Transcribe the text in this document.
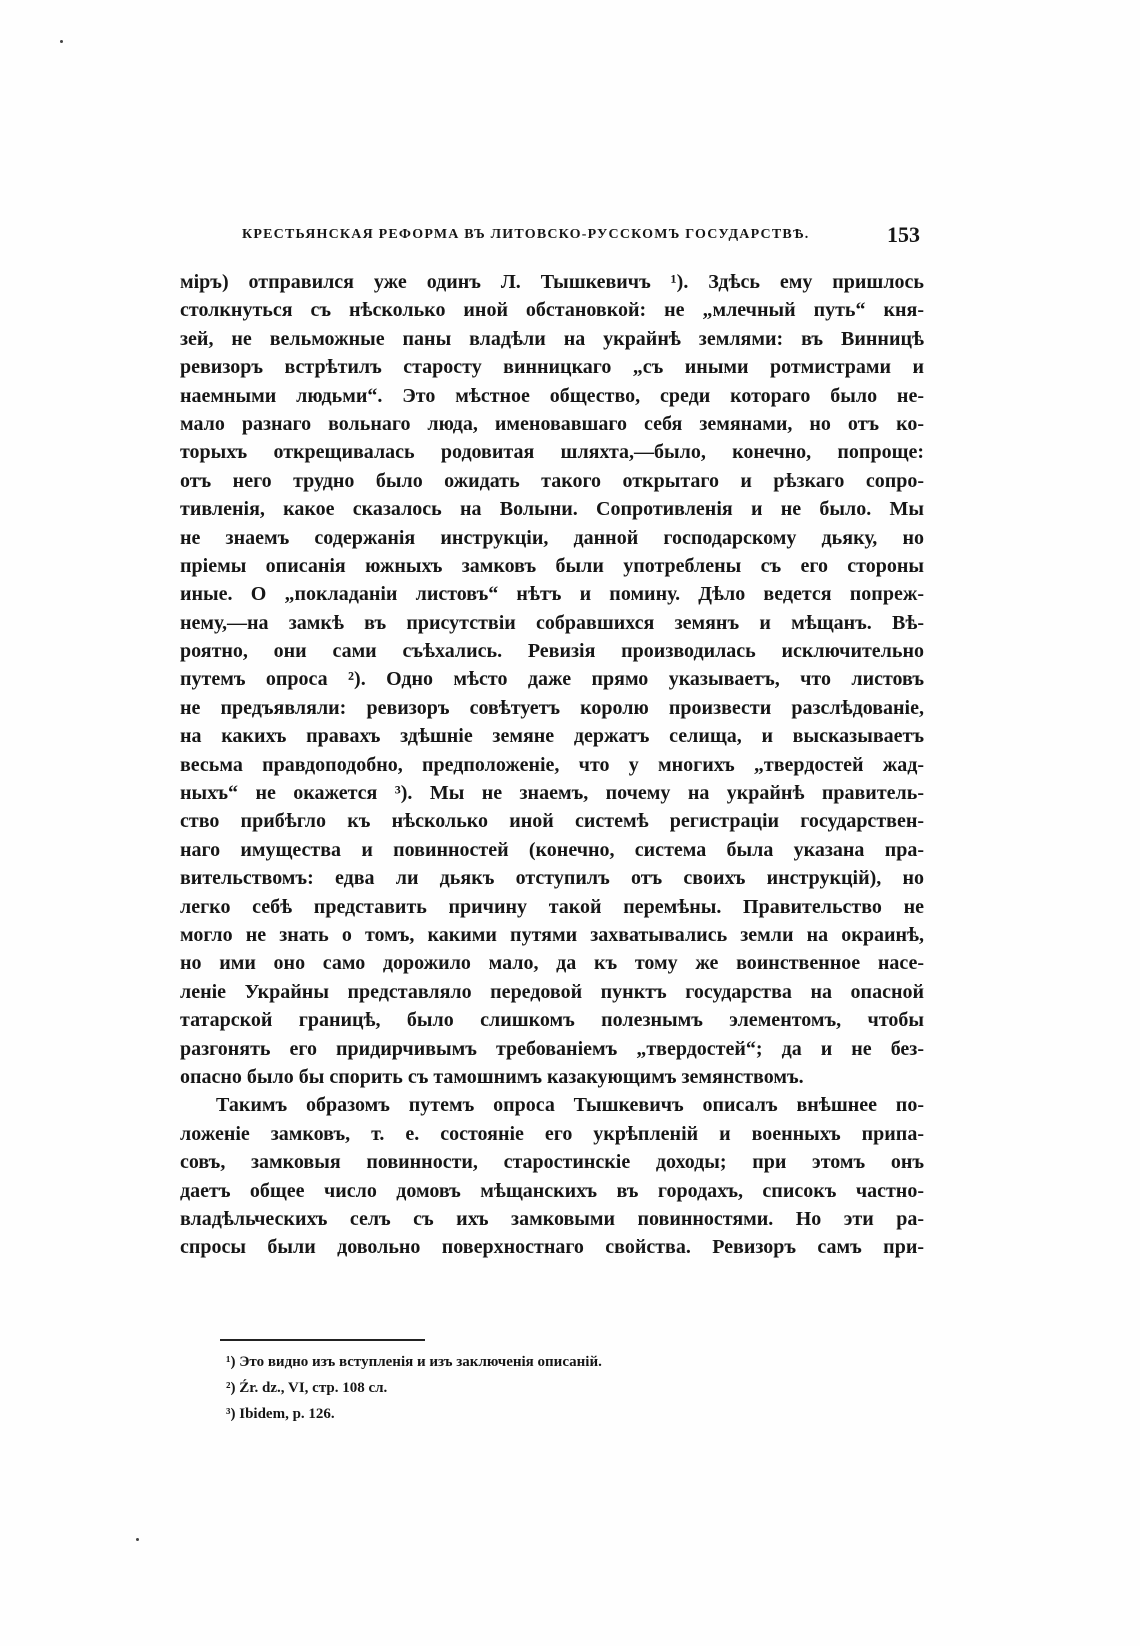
КРЕСТЬЯНСКАЯ РЕФОРМА ВЪ ЛИТОВСКО-РУССКОМЪ ГОСУДАРСТВѢ.	153
міръ) отправился уже одинъ Л. Тышкевичъ ¹). Здѣсь ему пришлось
столкнуться съ нѣсколько иной обстановкой: не „млечный путь“ кня-
зей, не вельможные паны владѣли на украйнѣ землями: въ Винницѣ
ревизоръ встрѣтилъ старосту винницкаго „съ иными ротмистрами и
наемными людьми“. Это мѣстное общество, среди котораго было не-
мало разнаго вольнаго люда, именовавшаго себя земянами, но отъ ко-
торыхъ открещивалась родовитая шляхта,—было, конечно, попроще:
отъ него трудно было ожидать такого открытаго и рѣзкаго сопро-
тивленія, какое сказалось на Волыни. Сопротивленія и не было. Мы
не знаемъ содержанія инструкціи, данной господарскому дьяку, но
пріемы описанія южныхъ замковъ были употреблены съ его стороны
иные. О „покладаніи листовъ“ нѣтъ и помину. Дѣло ведется попреж-
нему,—на замкѣ въ присутствіи собравшихся земянъ и мѣщанъ. Вѣ-
роятно, они сами съѣхались. Ревизія производилась исключительно
путемъ опроса ²). Одно мѣсто даже прямо указываетъ, что листовъ
не предъявляли: ревизоръ совѣтуетъ королю произвести разслѣдованіе,
на какихъ правахъ здѣшніе земяне держатъ селища, и высказываетъ
весьма правдоподобно, предположеніе, что у многихъ „твердостей жад-
ныхъ“ не окажется ³). Мы не знаемъ, почему на украйнѣ правитель-
ство прибѣгло къ нѣсколько иной системѣ регистраціи государствен-
наго имущества и повинностей (конечно, система была указана пра-
вительствомъ: едва ли дьякъ отступилъ отъ своихъ инструкцій), но
легко себѣ представить причину такой перемѣны. Правительство не
могло не знать о томъ, какими путями захватывались земли на окраинѣ,
но ими оно само дорожило мало, да къ тому же воинственное насе-
леніе Украйны представляло передовой пунктъ государства на опасной
татарской границѣ, было слишкомъ полезнымъ элементомъ, чтобы
разгонять его придирчивымъ требованіемъ „твердостей“; да и не без-
опасно было бы спорить съ тамошнимъ казакующимъ земянствомъ.
Такимъ образомъ путемъ опроса Тышкевичъ описалъ внѣшнее по-
ложеніе замковъ, т. е. состояніе его укрѣпленій и военныхъ припа-
совъ, замковыя повинности, старостинскіе доходы; при этомъ онъ
даетъ общее число домовъ мѣщанскихъ въ городахъ, списокъ частно-
владѣльческихъ селъ съ ихъ замковыми повинностями. Но эти ра-
спросы были довольно поверхностнаго свойства. Ревизоръ самъ при-
¹) Это видно изъ вступленія и изъ заключенія описаній.
²) Źr. dz., VI, стр. 108 сл.
³) Ibidem, p. 126.
